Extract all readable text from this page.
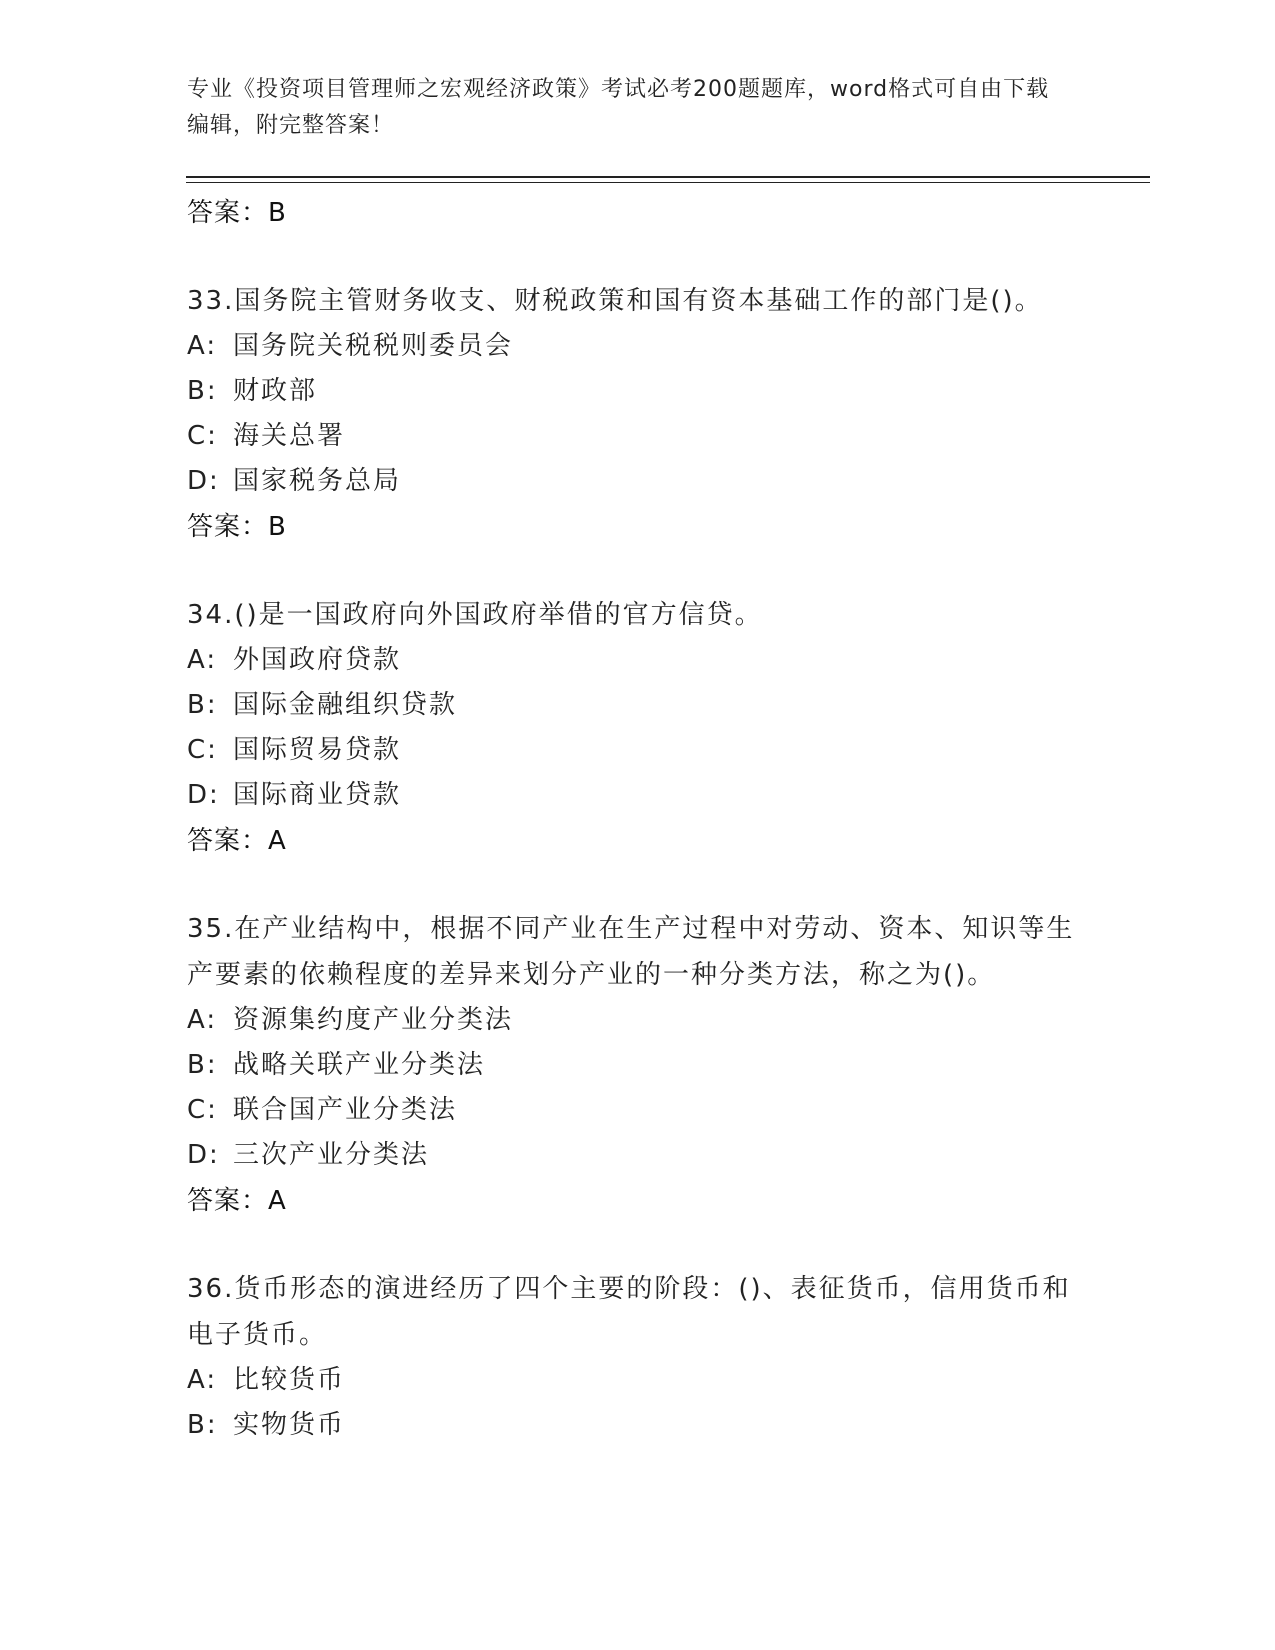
专业《投资项目管理师之宏观经济政策》考试必考200题题库，word格式可自由下载编辑，附完整答案！
答案：B
33.国务院主管财务收支、财税政策和国有资本基础工作的部门是()。
A: 国务院关税税则委员会
B: 财政部
C: 海关总署
D: 国家税务总局
答案：B
34.()是一国政府向外国政府举借的官方信贷。
A: 外国政府贷款
B: 国际金融组织贷款
C: 国际贸易贷款
D: 国际商业贷款
答案：A
35.在产业结构中，根据不同产业在生产过程中对劳动、资本、知识等生产要素的依赖程度的差异来划分产业的一种分类方法，称之为()。
A: 资源集约度产业分类法
B: 战略关联产业分类法
C: 联合国产业分类法
D: 三次产业分类法
答案：A
36.货币形态的演进经历了四个主要的阶段：()、表征货币，信用货币和电子货币。
A: 比较货币
B: 实物货币
